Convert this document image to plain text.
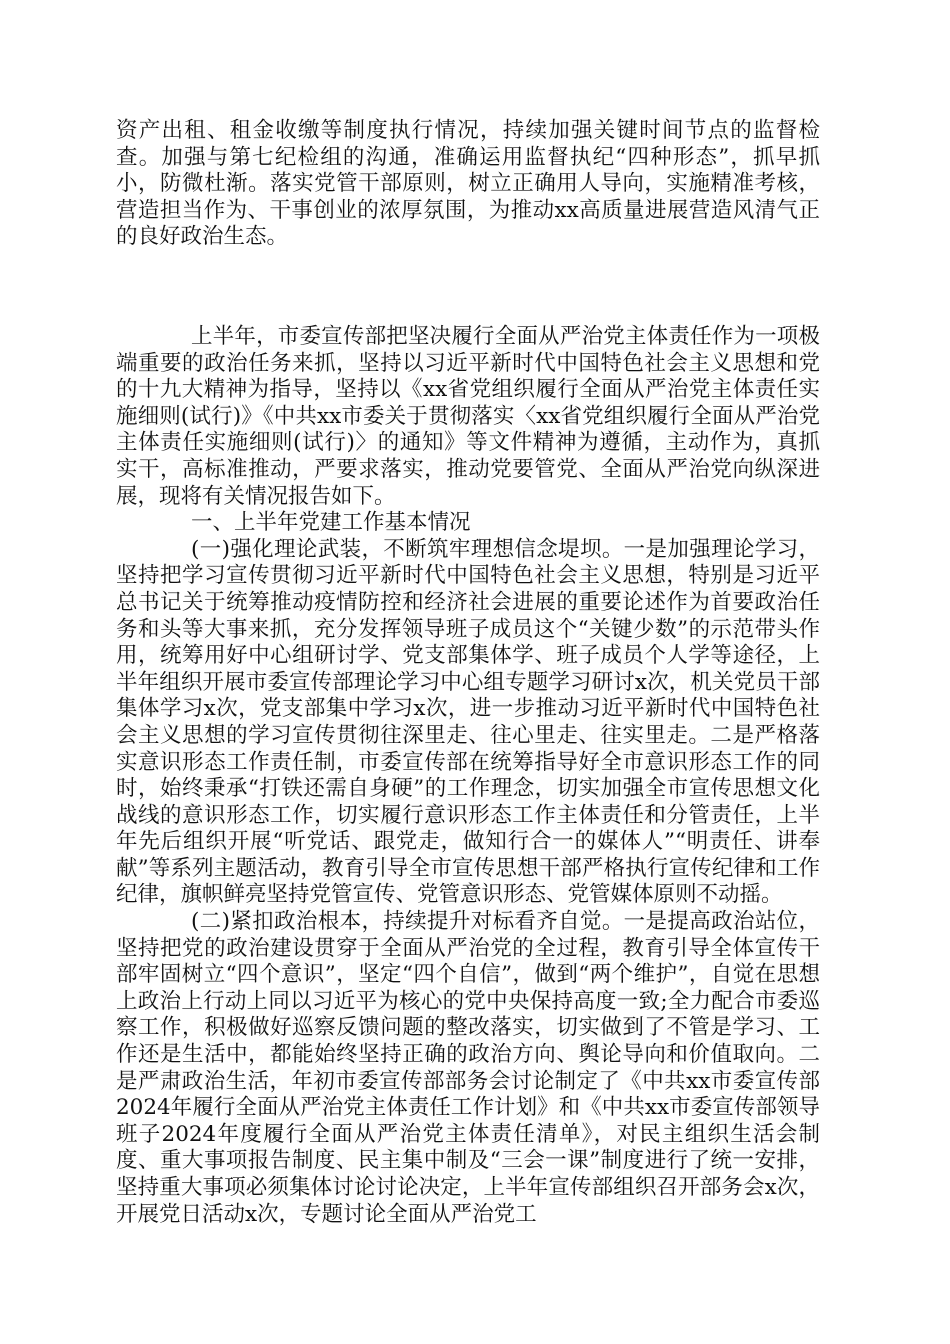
资产出租、租金收缴等制度执行情况，持续加强关键时间节点的监督检查。加强与第七纪检组的沟通，准确运用监督执纪“四种形态”，抓早抓小，防微杜渐。落实党管干部原则，树立正确用人导向，实施精准考核，营造担当作为、干事创业的浓厚氛围，为推动xx高质量进展营造风清气正的良好政治生态。

上半年，市委宣传部把坚决履行全面从严治党主体责任作为一项极端重要的政治任务来抓，坚持以习近平新时代中国特色社会主义思想和党的十九大精神为指导，坚持以《xx省党组织履行全面从严治党主体责任实施细则(试行)》《中共xx市委关于贯彻落实〈xx省党组织履行全面从严治党主体责任实施细则(试行)〉的通知》等文件精神为遵循，主动作为，真抓实干，高标准推动，严要求落实，推动党要管党、全面从严治党向纵深进展，现将有关情况报告如下。

一、上半年党建工作基本情况

(一)强化理论武装，不断筑牢理想信念堤坝。一是加强理论学习，坚持把学习宣传贯彻习近平新时代中国特色社会主义思想，特别是习近平总书记关于统筹推动疫情防控和经济社会进展的重要论述作为首要政治任务和头等大事来抓，充分发挥领导班子成员这个“关键少数”的示范带头作用，统筹用好中心组研讨学、党支部集体学、班子成员个人学等途径，上半年组织开展市委宣传部理论学习中心组专题学习研讨x次，机关党员干部集体学习x次，党支部集中学习x次，进一步推动习近平新时代中国特色社会主义思想的学习宣传贯彻往深里走、往心里走、往实里走。二是严格落实意识形态工作责任制，市委宣传部在统筹指导好全市意识形态工作的同时，始终秉承“打铁还需自身硬”的工作理念，切实加强全市宣传思想文化战线的意识形态工作，切实履行意识形态工作主体责任和分管责任，上半年先后组织开展“听党话、跟党走，做知行合一的媒体人”“明责任、讲奉献”等系列主题活动，教育引导全市宣传思想干部严格执行宣传纪律和工作纪律，旗帜鲜亮坚持党管宣传、党管意识形态、党管媒体原则不动摇。

(二)紧扣政治根本，持续提升对标看齐自觉。一是提高政治站位，坚持把党的政治建设贯穿于全面从严治党的全过程，教育引导全体宣传干部牢固树立“四个意识”，坚定“四个自信”，做到“两个维护”，自觉在思想上政治上行动上同以习近平为核心的党中央保持高度一致;全力配合市委巡察工作，积极做好巡察反馈问题的整改落实，切实做到了不管是学习、工作还是生活中，都能始终坚持正确的政治方向、舆论导向和价值取向。二是严肃政治生活，年初市委宣传部部务会讨论制定了《中共xx市委宣传部2024年履行全面从严治党主体责任工作计划》和《中共xx市委宣传部领导班子2024年度履行全面从严治党主体责任清单》，对民主组织生活会制度、重大事项报告制度、民主集中制及“三会一课”制度进行了统一安排，坚持重大事项必须集体讨论讨论决定，上半年宣传部组织召开部务会x次，开展党日活动x次，专题讨论全面从严治党工
